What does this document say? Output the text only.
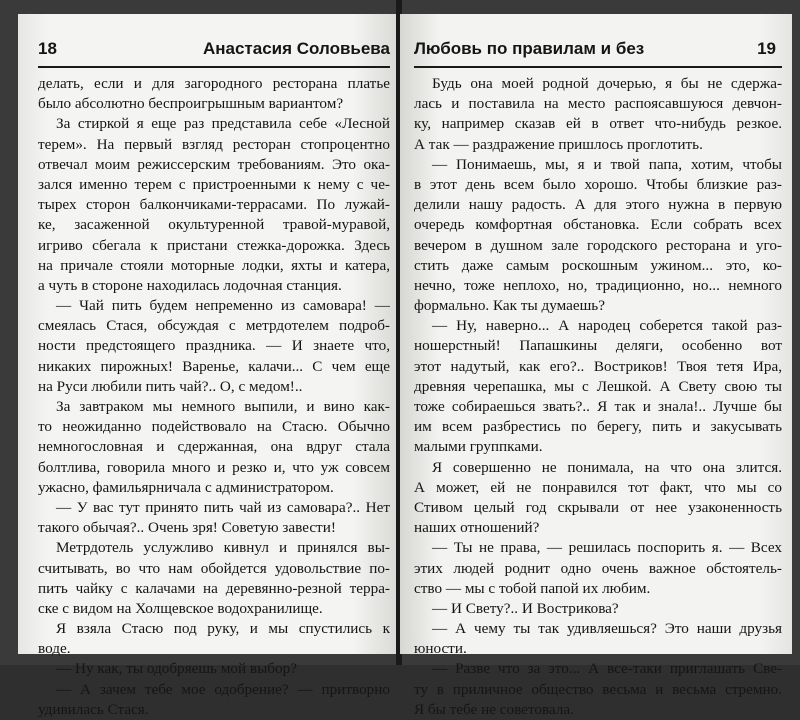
18	Анастасия Соловьева
делать, если и для загородного ресторана платье
было абсолютно беспроигрышным вариантом?
За стиркой я еще раз представила себе «Лесной
терем». На первый взгляд ресторан стопроцентно
отвечал моим режиссерским требованиям. Это ока-
зался именно терем с пристроенными к нему с че-
тырех сторон балкончиками-террасами. По лужай-
ке, засаженной окультуренной травой-муравой,
игриво сбегала к пристани стежка-дорожка. Здесь
на причале стояли моторные лодки, яхты и катера,
а чуть в стороне находилась лодочная станция.
— Чай пить будем непременно из самовара! —
смеялась Стася, обсуждая с метрдотелем подроб-
ности предстоящего праздника. — И знаете что,
никаких пирожных! Варенье, калачи... С чем еще
на Руси любили пить чай?.. О, с медом!..
За завтраком мы немного выпили, и вино как-
то неожиданно подействовало на Стасю. Обычно
немногословная и сдержанная, она вдруг стала
болтлива, говорила много и резко и, что уж совсем
ужасно, фамильярничала с администратором.
— У вас тут принято пить чай из самовара?.. Нет
такого обычая?.. Очень зря! Советую завести!
Метрдотель услужливо кивнул и принялся вы-
считывать, во что нам обойдется удовольствие по-
пить чайку с калачами на деревянно-резной терра-
ске с видом на Холщевское водохранилище.
Я взяла Стасю под руку, и мы спустились к
воде.
— Ну как, ты одобряешь мой выбор?
— А зачем тебе мое одобрение? — притворно
удивилась Стася.
Любовь по правилам и без	19
Будь она моей родной дочерью, я бы не сдержа-
лась и поставила на место распоясавшуюся девчон-
ку, например сказав ей в ответ что-нибудь резкое.
А так — раздражение пришлось проглотить.
— Понимаешь, мы, я и твой папа, хотим, чтобы
в этот день всем было хорошо. Чтобы близкие раз-
делили нашу радость. А для этого нужна в первую
очередь комфортная обстановка. Если собрать всех
вечером в душном зале городского ресторана и уго-
стить даже самым роскошным ужином... это, ко-
нечно, тоже неплохо, но, традиционно, но... немного
формально. Как ты думаешь?
— Ну, наверно... А народец соберется такой раз-
ношерстный! Папашкины деляги, особенно вот
этот надутый, как его?.. Востриков! Твоя тетя Ира,
древняя черепашка, мы с Лешкой. А Свету свою ты
тоже собираешься звать?.. Я так и знала!.. Лучше бы
им всем разбрестись по берегу, пить и закусывать
малыми группками.
Я совершенно не понимала, на что она злится.
А может, ей не понравился тот факт, что мы со
Стивом целый год скрывали от нее узаконенность
наших отношений?
— Ты не права, — решилась поспорить я. — Всех
этих людей роднит одно очень важное обстоятель-
ство — мы с тобой папой их любим.
— И Свету?.. И Вострикова?
— А чему ты так удивляешься? Это наши друзья
юности.
— Разве что за это... А все-таки приглашать Све-
ту в приличное общество весьма и весьма стремно.
Я бы тебе не советовала.
